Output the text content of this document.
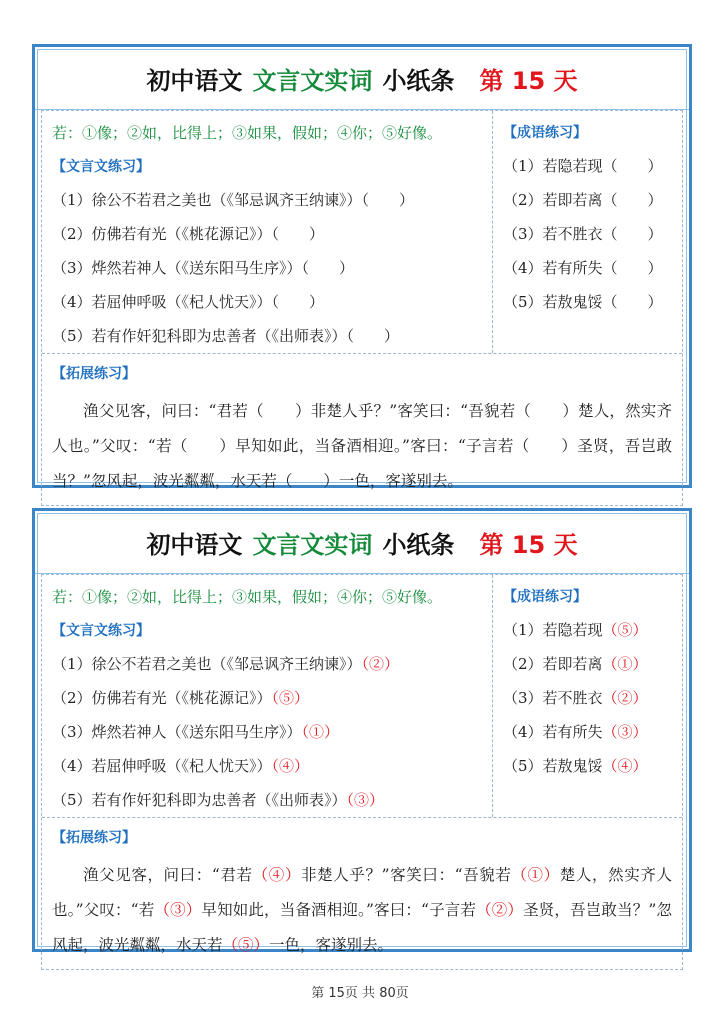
初中语文 文言文实词 小纸条 第 15 天
若：①像；②如，比得上；③如果，假如；④你；⑤好像。
【文言文练习】
（1）徐公不若君之美也（《邹忌讽齐王纳谏》）（　　）
（2）仿佛若有光（《桃花源记》）（　　）
（3）烨然若神人（《送东阳马生序》）（　　）
（4）若屈伸呼吸（《杞人忧天》）（　　）
（5）若有作奸犯科即为忠善者（《出师表》）（　　）
【成语练习】
（1）若隐若现（　　）
（2）若即若离（　　）
（3）若不胜衣（　　）
（4）若有所失（　　）
（5）若敖鬼馁（　　）
【拓展练习】

渔父见客，问曰：“君若（　　）非楚人乎？”客笑曰：“吾貌若（　　）楚人，然实齐人也。”父叹：“若（　　）早知如此，当备酒相迎。”客曰：“子言若（　　）圣贤，吾岂敢当？”忽风起，波光粼粼，水天若（　　）一色，客遂别去。

初中语文 文言文实词 小纸条 第 15 天
若：①像；②如，比得上；③如果，假如；④你；⑤好像。
【文言文练习】
（1）徐公不若君之美也（《邹忌讽齐王纳谏》）（②）
（2）仿佛若有光（《桃花源记》）（⑤）
（3）烨然若神人（《送东阳马生序》）（①）
（4）若屈伸呼吸（《杞人忧天》）（④）
（5）若有作奸犯科即为忠善者（《出师表》）（③）
【成语练习】
（1）若隐若现（⑤）
（2）若即若离（①）
（3）若不胜衣（②）
（4）若有所失（③）
（5）若敖鬼馁（④）
【拓展练习】

渔父见客，问曰：“君若（④）非楚人乎？”客笑曰：“吾貌若（①）楚人，然实齐人也。”父叹：“若（③）早知如此，当备酒相迎。”客曰：“子言若（②）圣贤，吾岂敢当？”忽风起，波光粼粼，水天若（⑤）一色，客遂别去。

第 15页 共 80页
